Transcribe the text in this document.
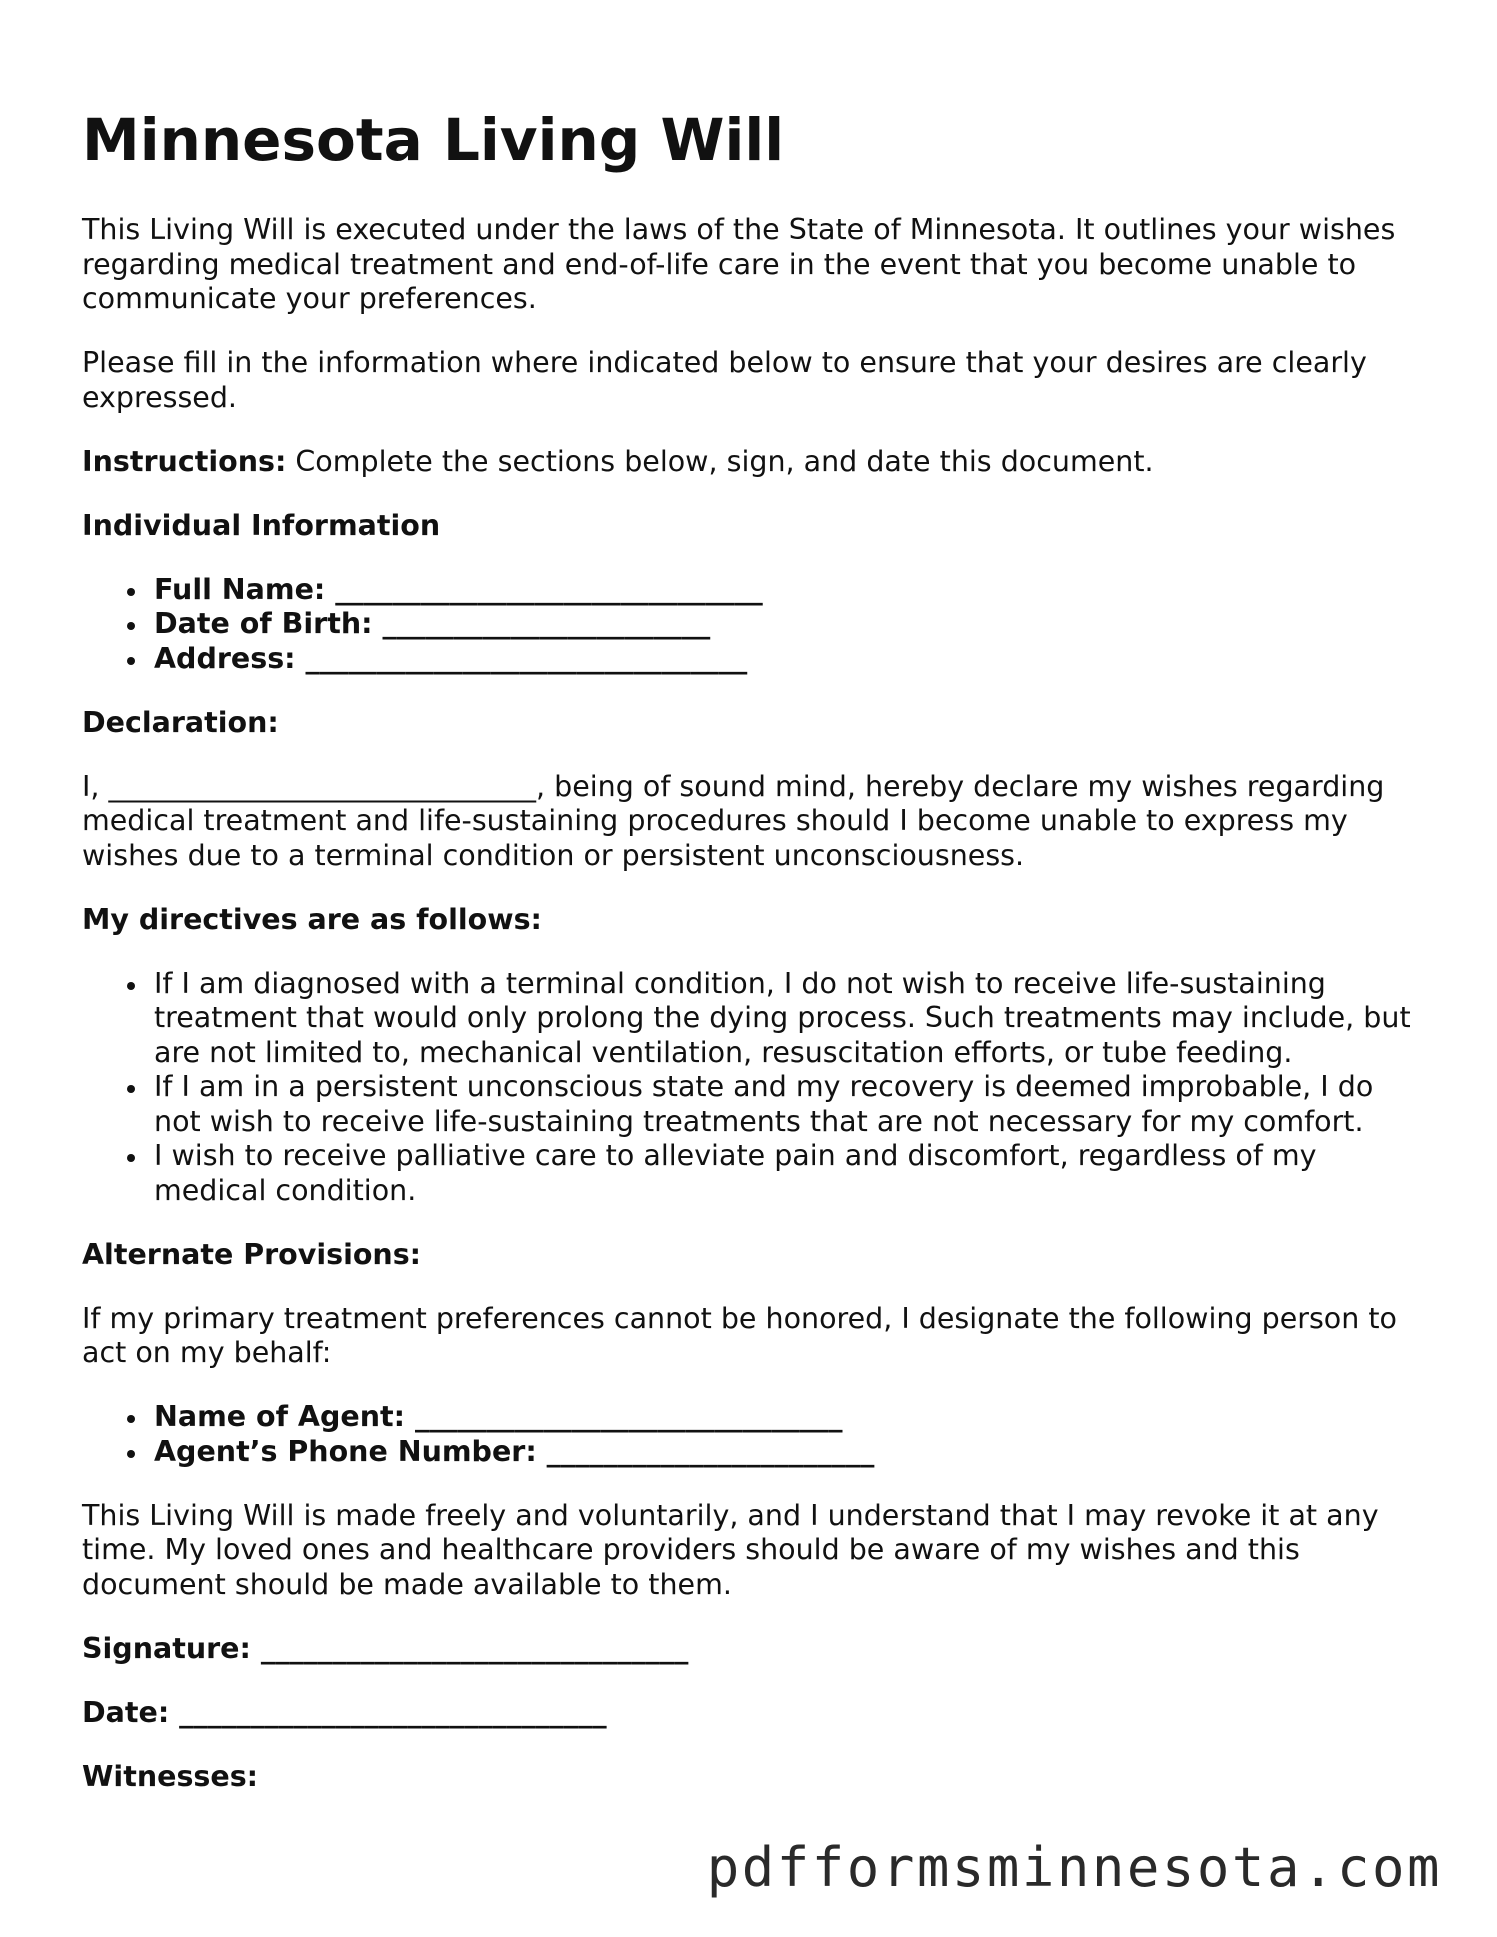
Minnesota Living Will

This Living Will is executed under the laws of the State of Minnesota. It outlines your wishes regarding medical treatment and end-of-life care in the event that you become unable to communicate your preferences.

Please fill in the information where indicated below to ensure that your desires are clearly expressed.

Instructions: Complete the sections below, sign, and date this document.

Individual Information

Full Name: ______________________________
Date of Birth: _______________________
Address: _______________________________

Declaration:

I, ______________________________, being of sound mind, hereby declare my wishes regarding medical treatment and life-sustaining procedures should I become unable to express my wishes due to a terminal condition or persistent unconsciousness.

My directives are as follows:

If I am diagnosed with a terminal condition, I do not wish to receive life-sustaining treatment that would only prolong the dying process. Such treatments may include, but are not limited to, mechanical ventilation, resuscitation efforts, or tube feeding.
If I am in a persistent unconscious state and my recovery is deemed improbable, I do not wish to receive life-sustaining treatments that are not necessary for my comfort.
I wish to receive palliative care to alleviate pain and discomfort, regardless of my medical condition.

Alternate Provisions:

If my primary treatment preferences cannot be honored, I designate the following person to act on my behalf:

Name of Agent: ______________________________
Agent’s Phone Number: _______________________

This Living Will is made freely and voluntarily, and I understand that I may revoke it at any time. My loved ones and healthcare providers should be aware of my wishes and this document should be made available to them.

Signature: ______________________________

Date: ______________________________

Witnesses:

pdfformsminnesota.com
